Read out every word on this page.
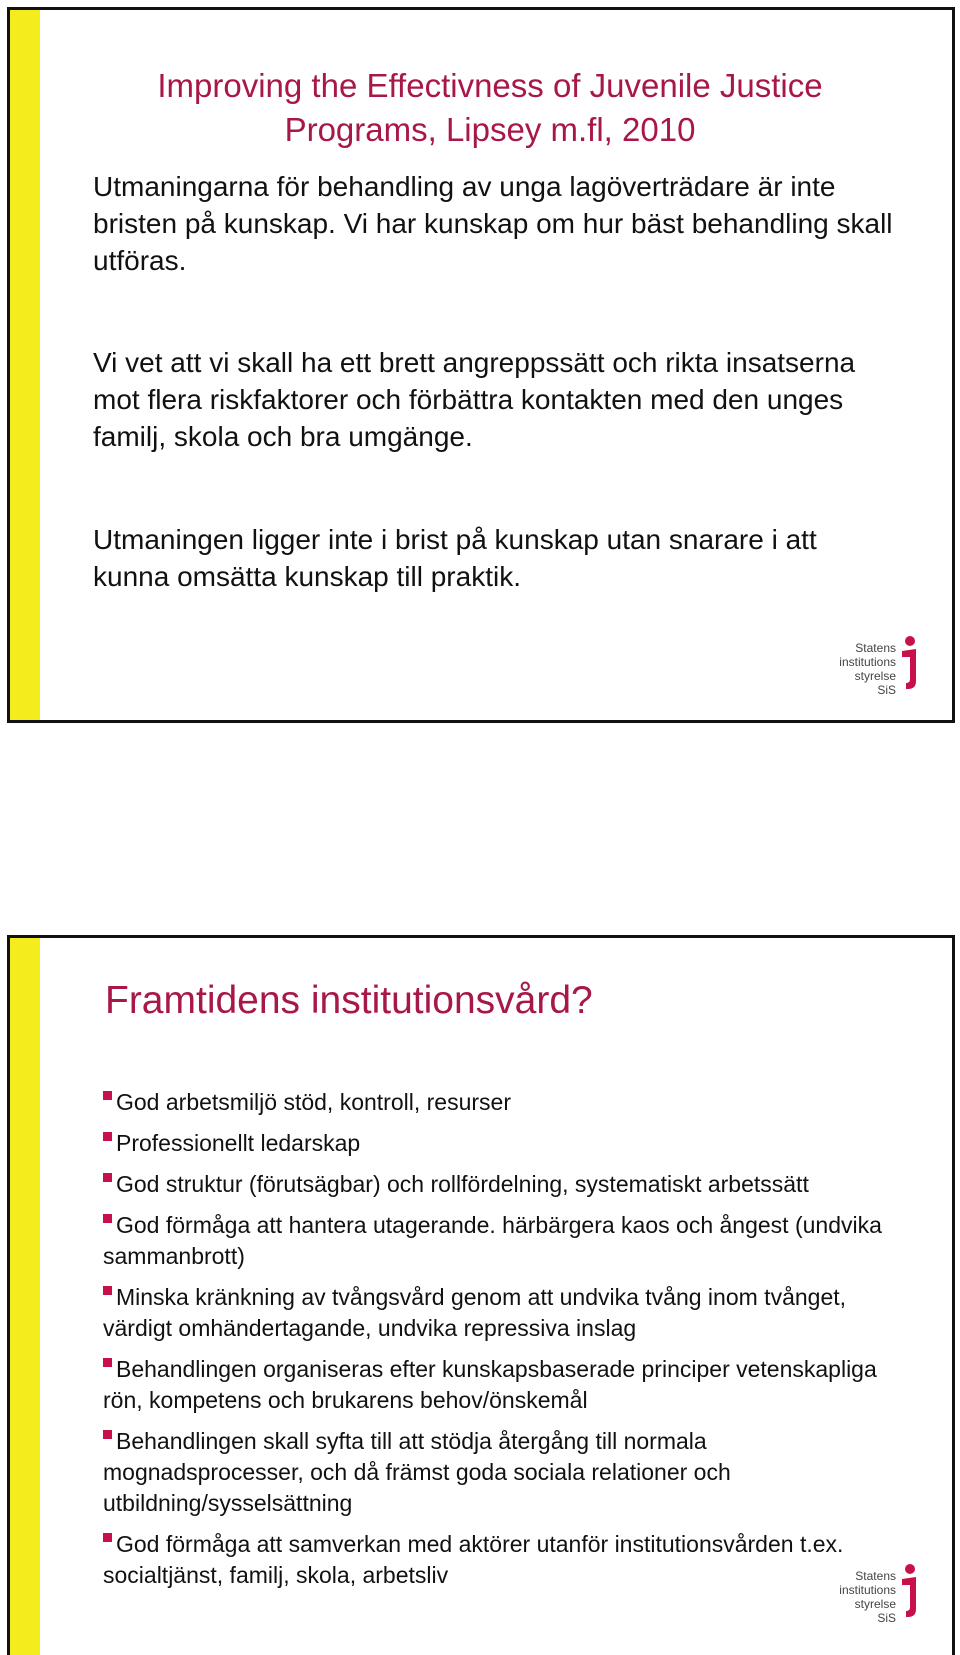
Improving the Effectivness of Juvenile Justice
Programs, Lipsey m.fl, 2010

Utmaningarna för behandling av unga lagöverträdare är inte bristen på kunskap. Vi har kunskap om hur bäst behandling skall utföras.

Vi vet att vi skall ha ett brett angreppssätt och rikta insatserna mot flera riskfaktorer och förbättra kontakten med den unges familj, skola och bra umgänge.

Utmaningen ligger inte i brist på kunskap utan snarare i att kunna omsätta kunskap till praktik.

Statens
institutions
styrelse SiS
Framtidens institutionsvård?
God arbetsmiljö stöd, kontroll, resurser
Professionellt ledarskap
God struktur (förutsägbar) och rollfördelning, systematiskt arbetssätt
God förmåga att hantera utagerande. härbärgera kaos och ångest (undvika sammanbrott)
Minska kränkning av tvångsvård genom att undvika tvång inom tvånget, värdigt omhändertagande, undvika repressiva inslag
Behandlingen organiseras efter kunskapsbaserade principer vetenskapliga rön, kompetens och brukarens behov/önskemål
Behandlingen skall syfta till att stödja återgång till normala mognadsprocesser, och då främst goda sociala relationer och utbildning/sysselsättning
God förmåga att samverkan med aktörer utanför institutionsvården t.ex. socialtjänst, familj, skola, arbetsliv	Statens
institutions
styrelse SiS
